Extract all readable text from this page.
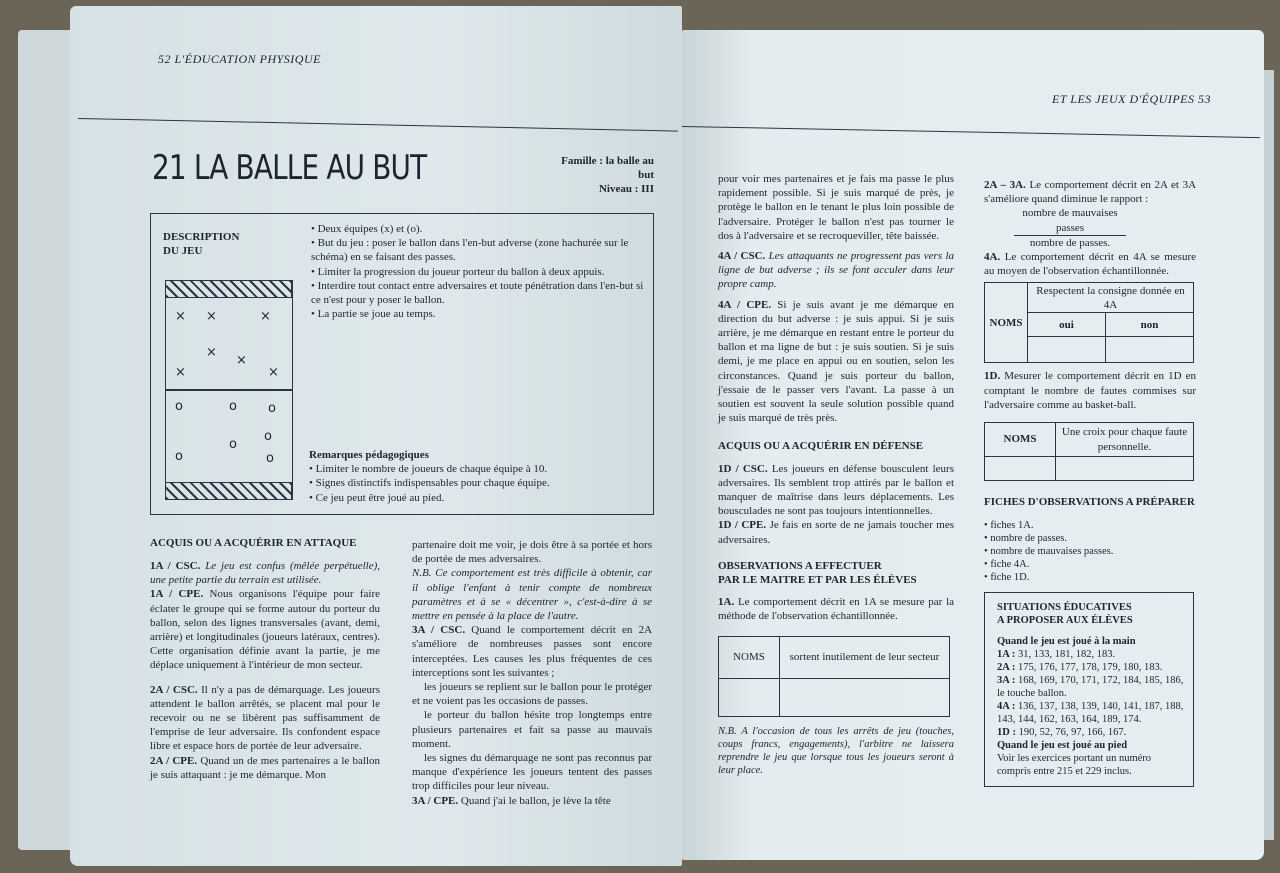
52 L'ÉDUCATION PHYSIQUE
21 LA BALLE AU BUT	Famille : la balle au but
Niveau : III
DESCRIPTION
DU JEU
• Deux équipes (x) et (o).
• But du jeu : poser le ballon dans l'en-but adverse (zone hachurée sur le schéma) en se faisant des passes.
• Limiter la progression du joueur porteur du ballon à deux appuis.
• Interdire tout contact entre adversaires et toute pénétration dans l'en-but si ce n'est pour y poser le ballon.
• La partie se joue au temps.
× ×	×
×
×
×	×
o	o o
o
o
o	o	Remarques pédagogiques
• Limiter le nombre de joueurs de chaque équipe à 10.
• Signes distinctifs indispensables pour chaque équipe.
• Ce jeu peut être joué au pied.
ACQUIS OU A ACQUÉRIR EN ATTAQUE
1A / CSC. Le jeu est confus (mêlée perpétuelle), une petite partie du terrain est utilisée.
1A / CPE. Nous organisons l'équipe pour faire éclater le groupe qui se forme autour du porteur du ballon, selon des lignes transversales (avant, demi, arrière) et longitudinales (joueurs latéraux, centres). Cette organisation définie avant la partie, je me déplace uniquement à l'intérieur de mon secteur.
2A / CSC. Il n'y a pas de démarquage. Les joueurs attendent le ballon arrêtés, se placent mal pour le recevoir ou ne se libèrent pas suffisamment de l'emprise de leur adversaire. Ils confondent espace libre et espace hors de portée de leur adversaire.
2A / CPE. Quand un de mes partenaires a le ballon je suis attaquant : je me démarque. Mon
partenaire doit me voir, je dois être à sa portée et hors de portée de mes adversaires.
N.B. Ce comportement est très difficile à obtenir, car il oblige l'enfant à tenir compte de nombreux paramètres et à se « décentrer », c'est-à-dire à se mettre en pensée à la place de l'autre.
3A / CSC. Quand le comportement décrit en 2A s'améliore de nombreuses passes sont encore interceptées. Les causes les plus fréquentes de ces interceptions sont les suivantes ;
les joueurs se replient sur le ballon pour le protéger et ne voient pas les occasions de passes.
le porteur du ballon hésite trop longtemps entre plusieurs partenaires et fait sa passe au mauvais moment.
les signes du démarquage ne sont pas reconnus par manque d'expérience les joueurs tentent des passes trop difficiles pour leur niveau.
3A / CPE. Quand j'ai le ballon, je lève la tête
ET LES JEUX D'ÉQUIPES 53
pour voir mes partenaires et je fais ma passe le plus rapidement possible. Si je suis marqué de près, je protège le ballon en le tenant le plus loin possible de l'adversaire. Protéger le ballon n'est pas tourner le dos à l'adversaire et se recroqueviller, tête baissée.
4A / CSC. Les attaquants ne progressent pas vers la ligne de but adverse ; ils se font acculer dans leur propre camp.
4A / CPE. Si je suis avant je me démarque en direction du but adverse : je suis appui. Si je suis arrière, je me démarque en restant entre le porteur du ballon et ma ligne de but : je suis soutien. Si je suis demi, je me place en appui ou en soutien, selon les circonstances. Quand je suis porteur du ballon, j'essaie de le passer vers l'avant. La passe à un soutien est souvent la seule solution possible quand je suis marqué de très près.
ACQUIS OU A ACQUÉRIR EN DÉFENSE
1D / CSC. Les joueurs en défense bousculent leurs adversaires. Ils semblent trop attirés par le ballon et manquer de maîtrise dans leurs déplacements. Les bousculades ne sont pas toujours intentionnelles.
1D / CPE. Je fais en sorte de ne jamais toucher mes adversaires.
OBSERVATIONS A EFFECTUER
PAR LE MAITRE ET PAR LES ÉLÈVES
1A. Le comportement décrit en 1A se mesure par la méthode de l'observation échantillonnée.
NOMS	sortent inutilement de leur secteur

N.B. A l'occasion de tous les arrêts de jeu (touches, coups francs, engagements), l'arbitre ne laissera reprendre le jeu que lorsque tous les joueurs seront à leur place.
2A – 3A. Le comportement décrit en 2A et 3A s'améliore quand diminue le rapport :
nombre de mauvaises passes
nombre de passes.
4A. Le comportement décrit en 4A se mesure au moyen de l'observation échantillonnée.
NOMS	Respectent la consigne donnée en 4A	
	oui	non

1D. Mesurer le comportement décrit en 1D en comptant le nombre de fautes commises sur l'adversaire comme au basket-ball.
NOMS	Une croix pour chaque faute personnelle.

FICHES D'OBSERVATIONS A PRÉPARER
• fiches 1A.
• nombre de passes.
• nombre de mauvaises passes.
• fiche 4A.
• fiche 1D.
SITUATIONS ÉDUCATIVES
A PROPOSER AUX ÉLÈVES
Quand le jeu est joué à la main
1A : 31, 133, 181, 182, 183.
2A : 175, 176, 177, 178, 179, 180, 183.
3A : 168, 169, 170, 171, 172, 184, 185, 186, le touche ballon.
4A : 136, 137, 138, 139, 140, 141, 187, 188, 143, 144, 162, 163, 164, 189, 174.
1D : 190, 52, 76, 97, 166, 167.
Quand le jeu est joué au pied
Voir les exercices portant un numéro compris entre 215 et 229 inclus.
